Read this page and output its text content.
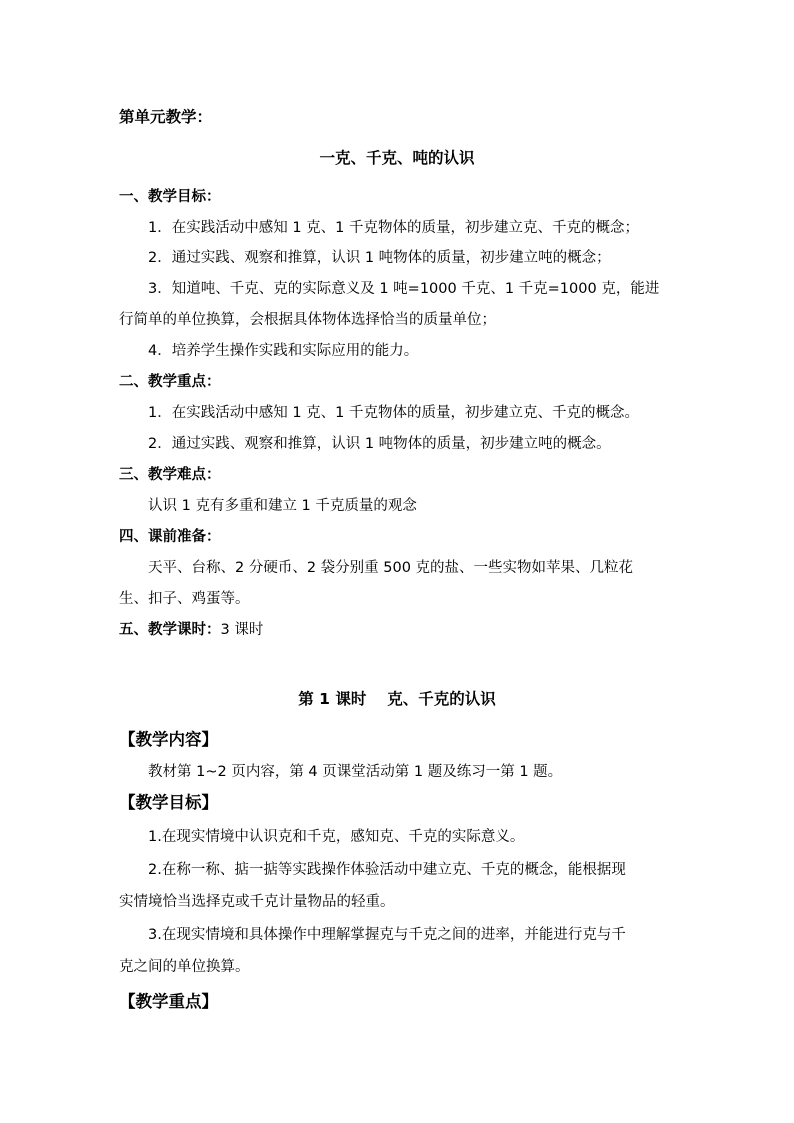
第单元教学：
一克、千克、吨的认识
一、教学目标：
1．在实践活动中感知 1 克、1 千克物体的质量，初步建立克、千克的概念；
2．通过实践、观察和推算，认识 1 吨物体的质量，初步建立吨的概念；
3．知道吨、千克、克的实际意义及 1 吨=1000 千克、1 千克=1000 克，能进
行简单的单位换算，会根据具体物体选择恰当的质量单位；
4．培养学生操作实践和实际应用的能力。
二、教学重点：
1．在实践活动中感知 1 克、1 千克物体的质量，初步建立克、千克的概念。
2．通过实践、观察和推算，认识 1 吨物体的质量，初步建立吨的概念。
三、教学难点：
认识 1 克有多重和建立 1 千克质量的观念
四、课前准备：
天平、台称、2 分硬币、2 袋分别重 500 克的盐、一些实物如苹果、几粒花
生、扣子、鸡蛋等。
五、教学课时：3 课时
第 1 课时　 克、千克的认识
【教学内容】
教材第 1~2 页内容，第 4 页课堂活动第 1 题及练习一第 1 题。
【教学目标】
1.在现实情境中认识克和千克，感知克、千克的实际意义。
2.在称一称、掂一掂等实践操作体验活动中建立克、千克的概念，能根据现
实情境恰当选择克或千克计量物品的轻重。
3.在现实情境和具体操作中理解掌握克与千克之间的进率，并能进行克与千
克之间的单位换算。
【教学重点】
